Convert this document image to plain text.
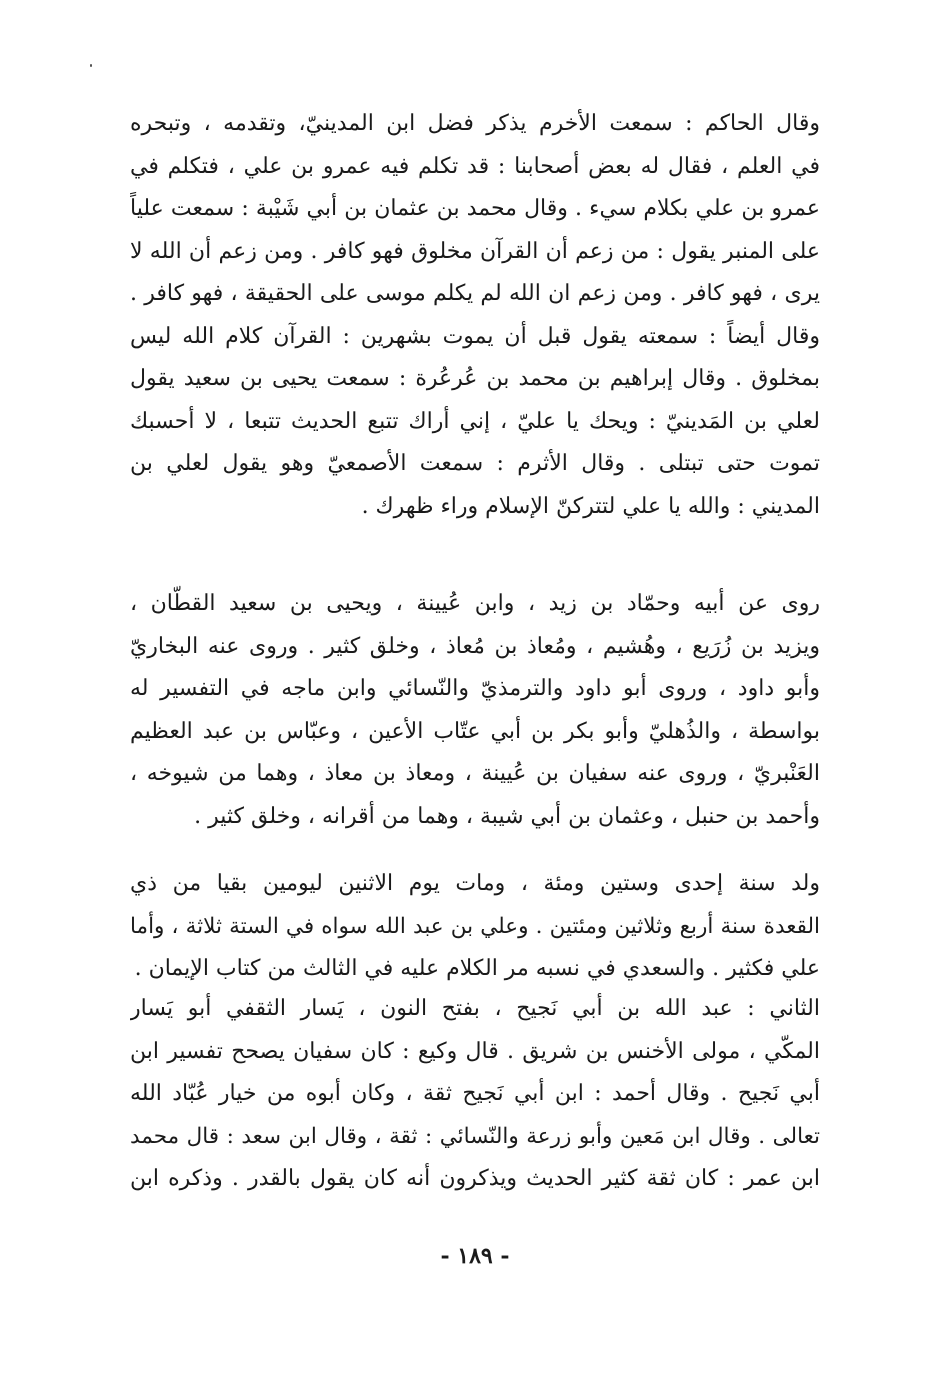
وقال الحاكم : سمعت الأخرم يذكر فضل ابن المدينيّ، وتقدمه ، وتبحره
في العلم ، فقال له بعض أصحابنا : قد تكلم فيه عمرو بن علي ، فتكلم في
عمرو بن علي بكلام سيء . وقال محمد بن عثمان بن أبي شَيْبة : سمعت علياً
على المنبر يقول : من زعم أن القرآن مخلوق فهو كافر . ومن زعم أن الله لا
يرى ، فهو كافر . ومن زعم ان الله لم يكلم موسى على الحقيقة ، فهو كافر .
وقال أيضاً : سمعته يقول قبل أن يموت بشهرين : القرآن كلام الله ليس
بمخلوق . وقال إبراهيم بن محمد بن عُرعُرة : سمعت يحيى بن سعيد يقول
لعلي بن المَدينيّ : ويحك يا عليّ ، إني أراك تتبع الحديث تتبعا ، لا أحسبك
تموت حتى تبتلى . وقال الأثرم : سمعت الأصمعيّ وهو يقول لعلي بن
المديني : والله يا علي لتتركنّ الإسلام وراء ظهرك .
روى عن أبيه وحمّاد بن زيد ، وابن عُيينة ، ويحيى بن سعيد القطّان ،
ويزيد بن زُرَيع ، وهُشيم ، ومُعاذ بن مُعاذ ، وخلق كثير . وروى عنه البخاريّ
وأبو داود ، وروى أبو داود والترمذيّ والنّسائي وابن ماجه في التفسير له
بواسطة ، والذُهليّ وأبو بكر بن أبي عتّاب الأعين ، وعبّاس بن عبد العظيم
العَنْبريّ ، وروى عنه سفيان بن عُيينة ، ومعاذ بن معاذ ، وهما من شيوخه ،
وأحمد بن حنبل ، وعثمان بن أبي شيبة ، وهما من أقرانه ، وخلق كثير .
ولد سنة إحدى وستين ومئة ، ومات يوم الاثنين ليومين بقيا من ذي
القعدة سنة أربع وثلاثين ومئتين . وعلي بن عبد الله سواه في الستة ثلاثة ، وأما
علي فكثير . والسعدي في نسبه مر الكلام عليه في الثالث من كتاب الإيمان .
الثاني : عبد الله بن أبي نَجيح ، بفتح النون ، يَسار الثقفي أبو يَسار
المكّي ، مولى الأخنس بن شريق . قال وكيع : كان سفيان يصحح تفسير ابن
أبي نَجيح . وقال أحمد : ابن أبي نَجيح ثقة ، وكان أبوه من خيار عُبّاد الله
تعالى . وقال ابن مَعين وأبو زرعة والنّسائي : ثقة ، وقال ابن سعد : قال محمد
ابن عمر : كان ثقة كثير الحديث ويذكرون أنه كان يقول بالقدر . وذكره ابن
- ١٨٩ -
